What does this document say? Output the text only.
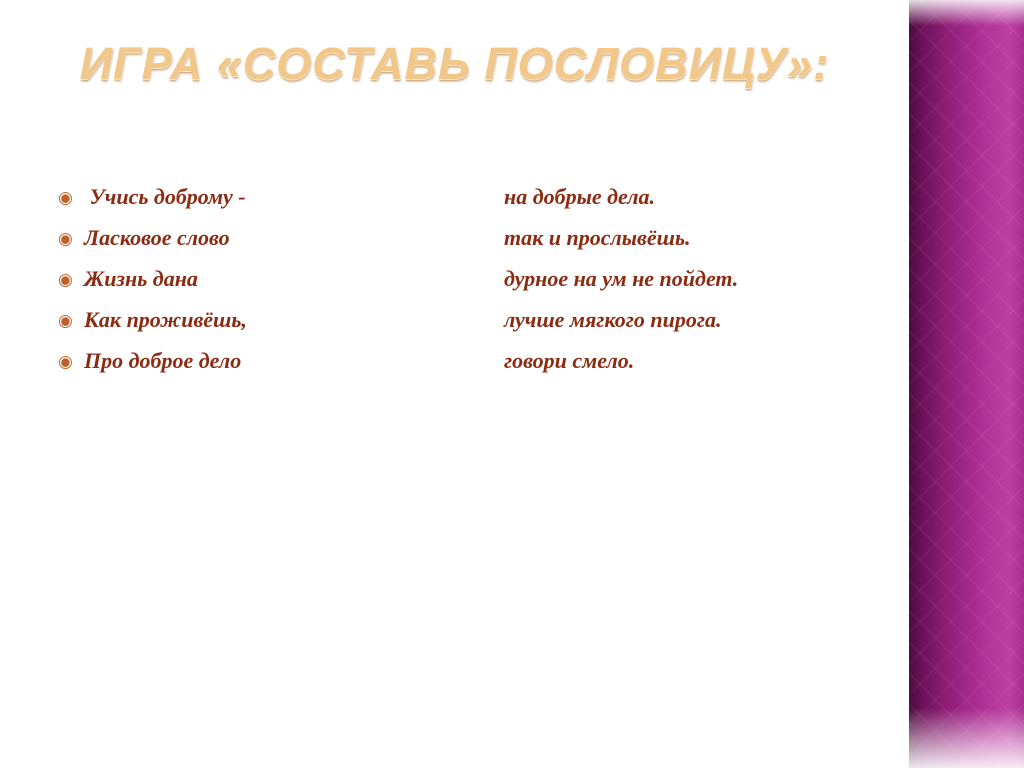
ИГРА «СОСТАВЬ ПОСЛОВИЦУ»:
◉ Учись доброму -	на добрые дела.
◉ Ласковое слово	так и прослывёшь.
◉ Жизнь дана	дурное на ум не пойдет.
◉ Как проживёшь,	лучше мягкого пирога.
◉ Про доброе дело	говори смело.
